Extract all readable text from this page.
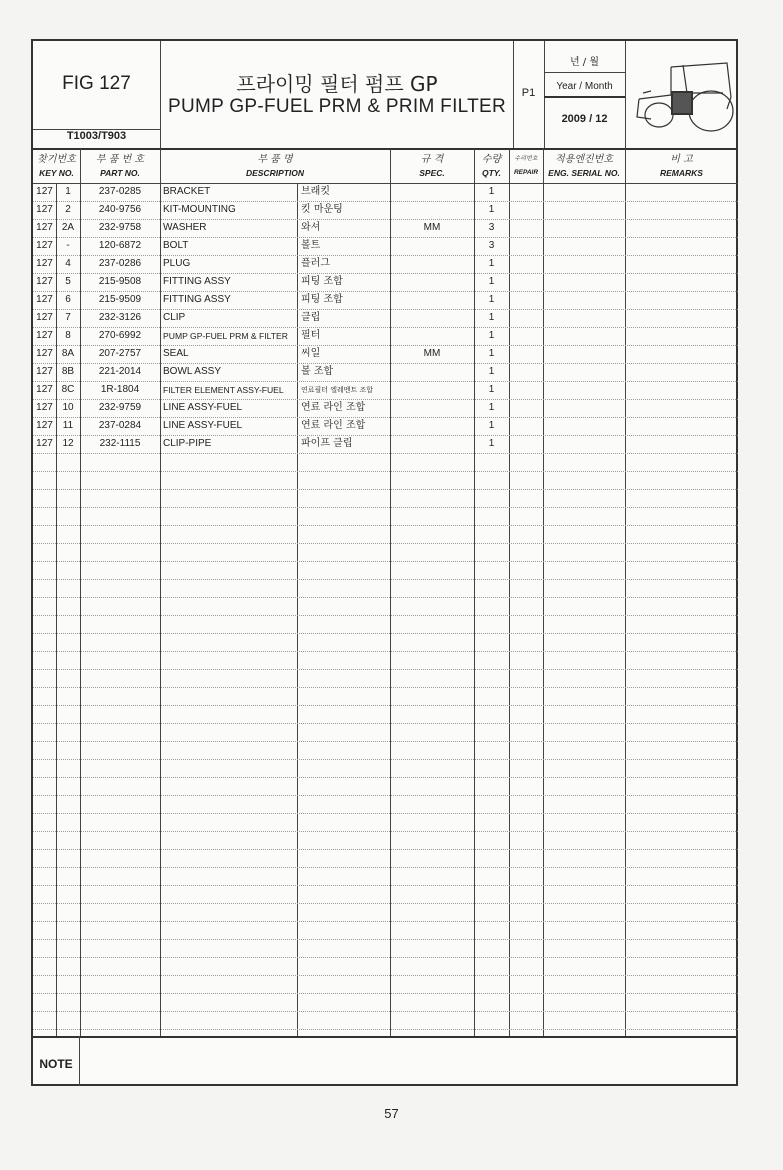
FIG 127
T1003/T903
프라이밍 필터 펌프 GP
PUMP GP-FUEL PRM & PRIM FILTER
P1
년 / 월
Year / Month
2009 / 12
찾기번호
KEY NO.
부 품 번 호
PART NO.
부 품 명
DESCRIPTION
규 격
SPEC.
수량
QTY.
수리번호
REPAIR
적용엔진번호
ENG. SERIAL NO.
비 고
REMARKS
127	1	237-0285	BRACKET	브래킷	1
127	2	240-9756	KIT-MOUNTING	킷 마운팅	1
127 2A	232-9758	WASHER	와셔	MM	3
127	-	120-6872	BOLT	볼트	3
127	4	237-0286	PLUG	플러그	1
127	5	215-9508	FITTING ASSY	피팅 조합	1
127	6	215-9509	FITTING ASSY	피팅 조합	1
127	7	232-3126	CLIP	클립	1
127	8	270-6992	PUMP GP-FUEL PRM & FILTER	필터	1
127 8A	207-2757	SEAL	씨일	MM	1
127 8B	221-2014	BOWL ASSY	볼 조합	1
127 8C	1R-1804	FILTER ELEMENT ASSY-FUEL	연료필터 엘레멘트 조합	1
127 10	232-9759	LINE ASSY-FUEL	연료 라인 조합	1
127 11	237-0284	LINE ASSY-FUEL	연료 라인 조합	1
127 12	232-1115	CLIP-PIPE	파이프 클립	1
NOTE
57
